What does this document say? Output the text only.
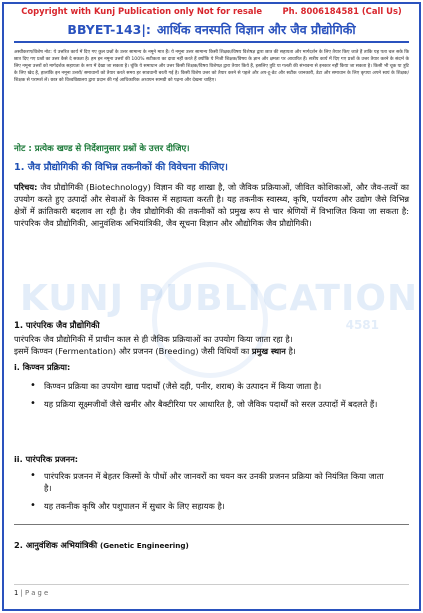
Copyright with Kunj Publication only Not for resale Ph. 8006184581 (Call Us)
BBYET-143|: आर्थिक वनस्पति विज्ञान और जैव प्रौद्योगिकी
अस्वीकरण/विशेष नोट: ये उत्तरित कार्य में दिए गए कुल प्रश्नों के उत्तर सामान्य के नमूने मात्र हैं। ये नमूना उत्तर सामान्य किसी शिक्षक/विषय विशेषज्ञ द्वारा छात्र की सहायता और मार्गदर्शन के लिए तैयार किए जाते हैं ताकि यह पता चल सके कि छात्र दिए गए प्रश्नों का उत्तर कैसे दे सकता है। हम इन नमूना उत्तरों की 100% सटीकता का दावा नहीं करते हैं क्योंकि ये निजी शिक्षक/विषय के ज्ञान और क्षमता पर आधारित हैं। सत्रीय कार्य में दिए गए प्रश्नों के उत्तर तैयार करने के संदर्भ के लिए नमूना उत्तरों को मार्गदर्शक सहायता के रूप में देखा जा सकता है। चूंकि ये समाधान और उत्तर किसी शिक्षक/विषय विशेषज्ञ द्वारा तैयार किये हैं, इसलिए त्रुटि या गलती की संभावना से इनकार नहीं किया जा सकता है। किसी भी चूक या त्रुटि के लिए खेद है, हालांकि इन नमूना उत्तरों/ समाधानों को तैयार करते समय हर सावधानी बरती गई है। किसी विशेष उत्तर को तैयार करने से पहले और अप-टू-डेट और सटीक जानकारी, डेटा और समाधान के लिए कृपया अपने स्वयं के शिक्षक/शिक्षक से परामर्श लें। छात्र को विश्वविद्यालय द्वारा प्रदान की गई आधिकारिक अध्ययन सामग्री को पढ़ना और देखना चाहिए।
नोट : प्रत्येक खण्ड से निर्देशानुसार प्रश्नों के उत्तर दीजिए।
1. जैव प्रौद्योगिकी की विभिन्न तकनीकों की विवेचना कीजिए।
परिचय: जैव प्रौद्योगिकी (Biotechnology) विज्ञान की वह शाखा है, जो जैविक प्रक्रियाओं, जीवित कोशिकाओं, और जैव-तत्वों का उपयोग करते हुए उत्पादों और सेवाओं के विकास में सहायता करती है। यह तकनीक स्वास्थ्य, कृषि, पर्यावरण और उद्योग जैसे विभिन्न क्षेत्रों में क्रांतिकारी बदलाव ला रही है। जैव प्रौद्योगिकी की तकनीकों को प्रमुख रूप से चार श्रेणियों में विभाजित किया जा सकता है: पारंपरिक जैव प्रौद्योगिकी, आनुवंशिक अभियांत्रिकी, जैव सूचना विज्ञान और औद्योगिक जैव प्रौद्योगिकी।
KUNJ PUBLICATION
4581
1. पारंपरिक जैव प्रौद्योगिकी
पारंपरिक जैव प्रौद्योगिकी में प्राचीन काल से ही जैविक प्रक्रियाओं का उपयोग किया जाता रहा है।
इसमें किण्वन (Fermentation) और प्रजनन (Breeding) जैसी विधियाँ का प्रमुख स्थान है।
i. किण्वन प्रक्रिया:
• किण्वन प्रक्रिया का उपयोग खाद्य पदार्थों (जैसे दही, पनीर, शराब) के उत्पादन में किया जाता है।
• यह प्रक्रिया सूक्ष्मजीवों जैसे खमीर और बैक्टीरिया पर आधारित है, जो जैविक पदार्थों को सरल उत्पादों में बदलते हैं।
ii. पारंपरिक प्रजनन:
• पारंपरिक प्रजनन में बेहतर किस्मों के पौधों और जानवरों का चयन कर उनकी प्रजनन प्रक्रिया को नियंत्रित किया जाता है।
• यह तकनीक कृषि और पशुपालन में सुधार के लिए सहायक है।
2. आनुवंशिक अभियांत्रिकी (Genetic Engineering)
1 | P a g e
